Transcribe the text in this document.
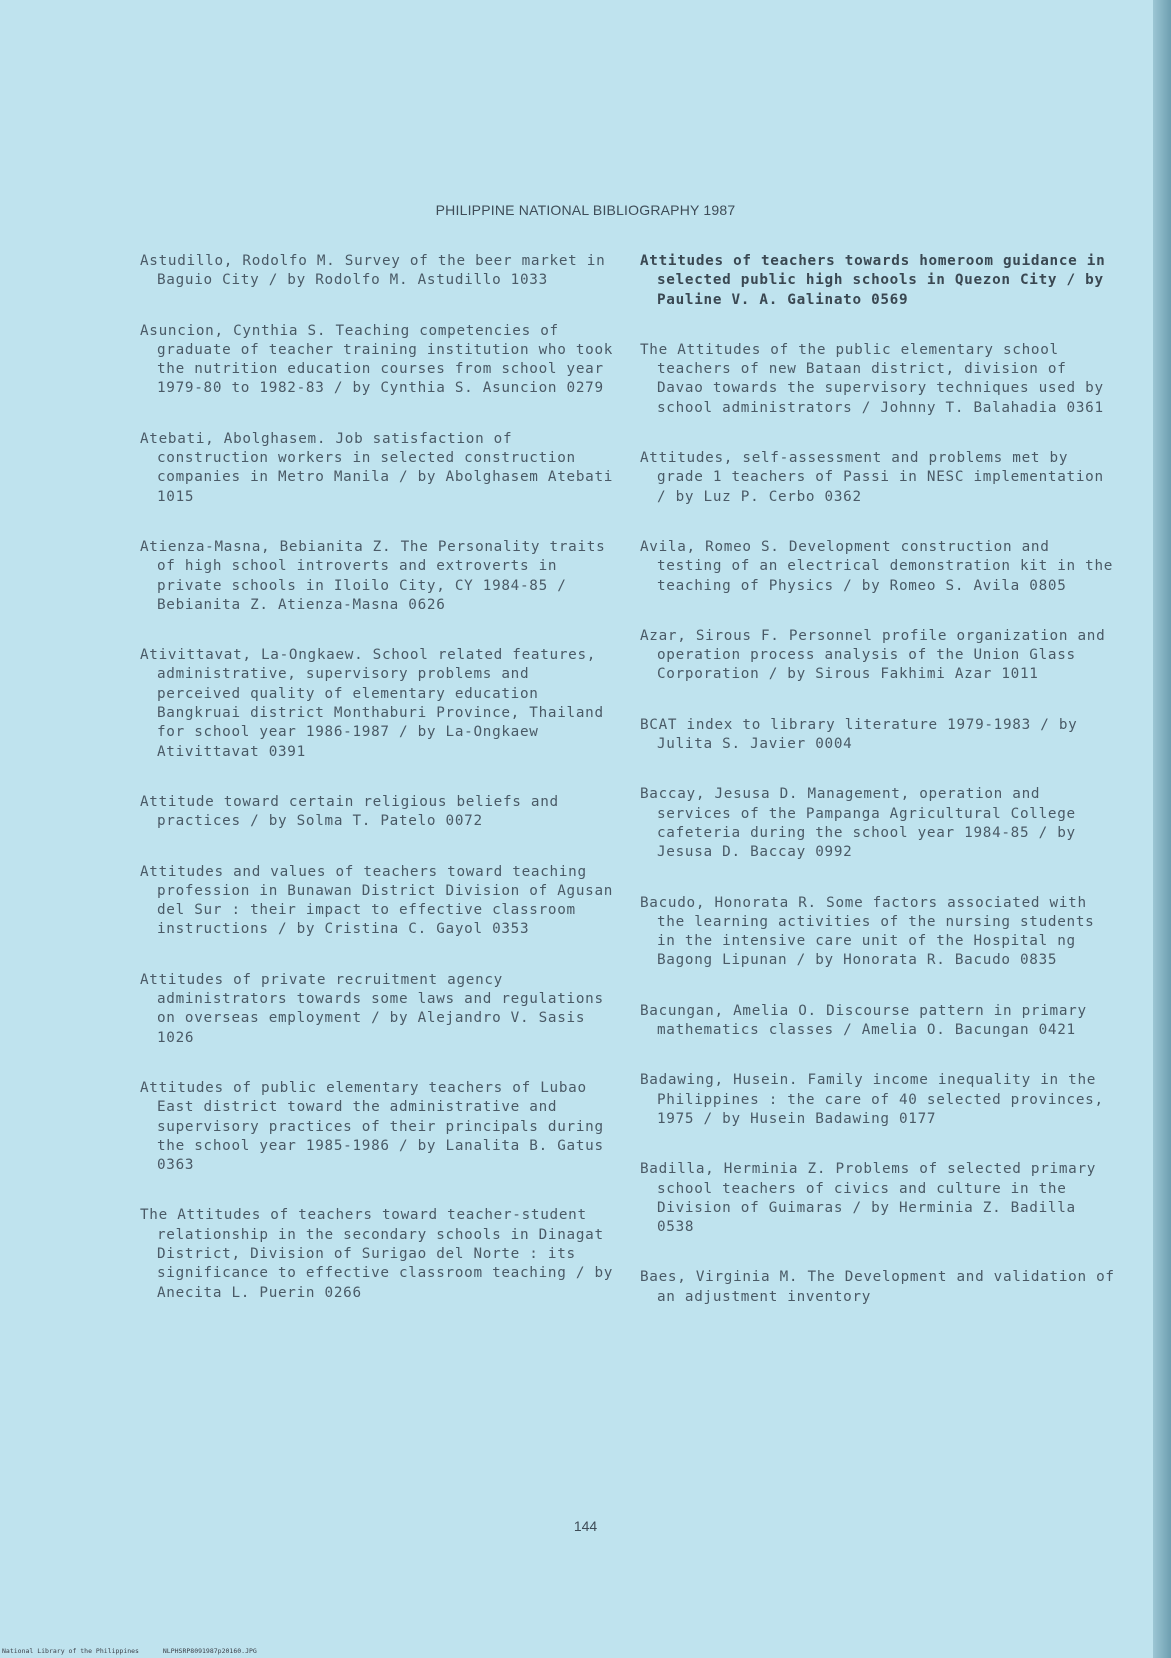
PHILIPPINE NATIONAL BIBLIOGRAPHY 1987

Astudillo, Rodolfo M. Survey of the beer market in Baguio City / by Rodolfo M. Astudillo 1033

Asuncion, Cynthia S. Teaching competencies of graduate of teacher training institution who took the nutrition education courses from school year 1979-80 to 1982-83 / by Cynthia S. Asuncion 0279

Atebati, Abolghasem. Job satisfaction of construction workers in selected construction companies in Metro Manila / by Abolghasem Atebati 1015

Atienza-Masna, Bebianita Z. The Personality traits of high school introverts and extroverts in private schools in Iloilo City, CY 1984-85 / Bebianita Z. Atienza-Masna 0626

Ativittavat, La-Ongkaew. School related features, administrative, supervisory problems and perceived quality of elementary education Bangkruai district Monthaburi Province, Thailand for school year 1986-1987 / by La-Ongkaew Ativittavat 0391

Attitude toward certain religious beliefs and practices / by Solma T. Patelo 0072

Attitudes and values of teachers toward teaching profession in Bunawan District Division of Agusan del Sur : their impact to effective classroom instructions / by Cristina C. Gayol 0353

Attitudes of private recruitment agency administrators towards some laws and regulations on overseas employment / by Alejandro V. Sasis 1026

Attitudes of public elementary teachers of Lubao East district toward the administrative and supervisory practices of their principals during the school year 1985-1986 / by Lanalita B. Gatus 0363

The Attitudes of teachers toward teacher-student relationship in the secondary schools in Dinagat District, Division of Surigao del Norte : its significance to effective classroom teaching / by Anecita L. Puerin 0266

Attitudes of teachers towards homeroom guidance in selected public high schools in Quezon City / by Pauline V. A. Galinato 0569

The Attitudes of the public elementary school teachers of new Bataan district, division of Davao towards the supervisory techniques used by school administrators / Johnny T. Balahadia 0361

Attitudes, self-assessment and problems met by grade 1 teachers of Passi in NESC implementation / by Luz P. Cerbo 0362

Avila, Romeo S. Development construction and testing of an electrical demonstration kit in the teaching of Physics / by Romeo S. Avila 0805

Azar, Sirous F. Personnel profile organization and operation process analysis of the Union Glass Corporation / by Sirous Fakhimi Azar 1011

BCAT index to library literature 1979-1983 / by Julita S. Javier 0004

Baccay, Jesusa D. Management, operation and services of the Pampanga Agricultural College cafeteria during the school year 1984-85 / by Jesusa D. Baccay 0992

Bacudo, Honorata R. Some factors associated with the learning activities of the nursing students in the intensive care unit of the Hospital ng Bagong Lipunan / by Honorata R. Bacudo 0835

Bacungan, Amelia O. Discourse pattern in primary mathematics classes / Amelia O. Bacungan 0421

Badawing, Husein. Family income inequality in the Philippines : the care of 40 selected provinces, 1975 / by Husein Badawing 0177

Badilla, Herminia Z. Problems of selected primary school teachers of civics and culture in the Division of Guimaras / by Herminia Z. Badilla 0538

Baes, Virginia M. The Development and validation of an adjustment inventory

144
National Library of the Philippines	NLPHSRP8091987p20160.JPG
